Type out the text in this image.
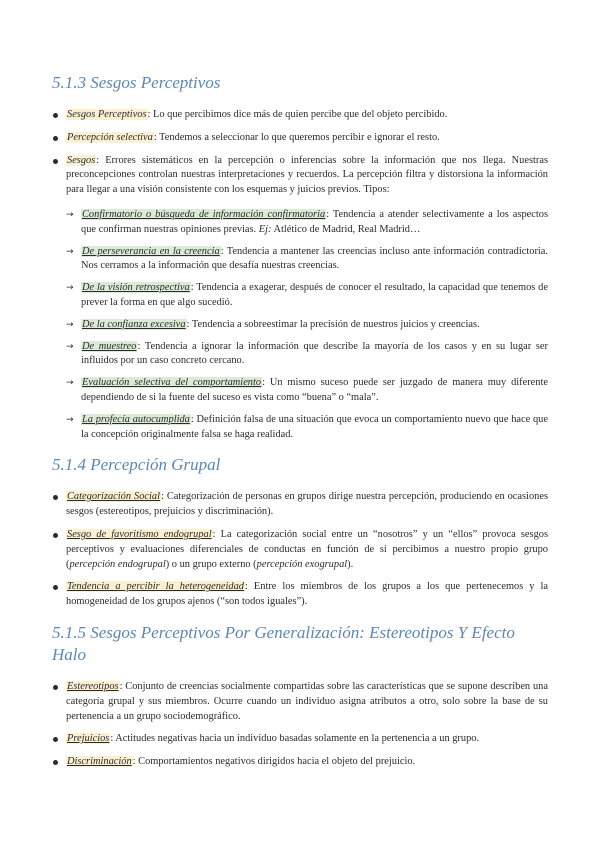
5.1.3 Sesgos Perceptivos
Sesgos Perceptivos: Lo que percibimos dice más de quien percibe que del objeto percibido.
Percepción selectiva: Tendemos a seleccionar lo que queremos percibir e ignorar el resto.
Sesgos: Errores sistemáticos en la percepción o inferencias sobre la información que nos llega. Nuestras preconcepciones controlan nuestras interpretaciones y recuerdos. La percepción filtra y distorsiona la información para llegar a una visión consistente con los esquemas y juicios previos. Tipos:
→ Confirmatorio o búsqueda de información confirmatoria: Tendencia a atender selectivamente a los aspectos que confirman nuestras opiniones previas. Ej: Atlético de Madrid, Real Madrid…
→ De perseverancia en la creencia: Tendencia a mantener las creencias incluso ante información contradictoria. Nos cerramos a la información que desafía nuestras creencias.
→ De la visión retrospectiva: Tendencia a exagerar, después de conocer el resultado, la capacidad que tenemos de prever la forma en que algo sucedió.
→ De la confianza excesiva: Tendencia a sobreestimar la precisión de nuestros juicios y creencias.
→ De muestreo: Tendencia a ignorar la información que describe la mayoría de los casos y en su lugar ser influidos por un caso concreto cercano.
→ Evaluación selectiva del comportamiento: Un mismo suceso puede ser juzgado de manera muy diferente dependiendo de si la fuente del suceso es vista como “buena” o “mala”.
→ La profecía autocumplida: Definición falsa de una situación que evoca un comportamiento nuevo que hace que la concepción originalmente falsa se haga realidad.
5.1.4 Percepción Grupal
Categorización Social: Categorización de personas en grupos dirige nuestra percepción, produciendo en ocasiones sesgos (estereotipos, prejuicios y discriminación).
Sesgo de favoritismo endogrupal: La categorización social entre un “nosotros” y un “ellos” provoca sesgos perceptivos y evaluaciones diferenciales de conductas en función de si percibimos a nuestro propio grupo (percepción endogrupal) o un grupo externo (percepción exogrupal).
Tendencia a percibir la heterogeneidad: Entre los miembros de los grupos a los que pertenecemos y la homogeneidad de los grupos ajenos (“son todos iguales”).
5.1.5 Sesgos Perceptivos Por Generalización: Estereotipos Y Efecto Halo
Estereotipos: Conjunto de creencias socialmente compartidas sobre las características que se supone describen una categoría grupal y sus miembros. Ocurre cuando un individuo asigna atributos a otro, solo sobre la base de su pertenencia a un grupo sociodemográfico.
Prejuicios: Actitudes negativas hacia un individuo basadas solamente en la pertenencia a un grupo.
Discriminación: Comportamientos negativos dirigidos hacia el objeto del prejuicio.
